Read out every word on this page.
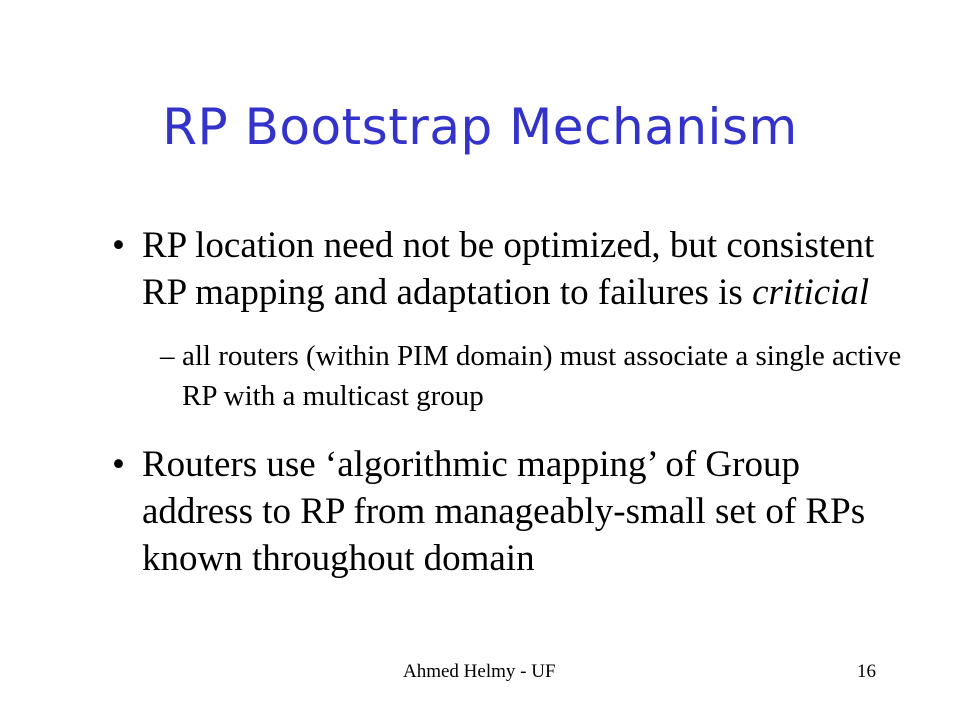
RP Bootstrap Mechanism
• RP location need not be optimized, but consistent RP mapping and adaptation to failures is criticial
– all routers (within PIM domain) must associate a single active RP with a multicast group
• Routers use ‘algorithmic mapping’ of Group address to RP from manageably-small set of RPs known throughout domain
Ahmed Helmy - UF	16
